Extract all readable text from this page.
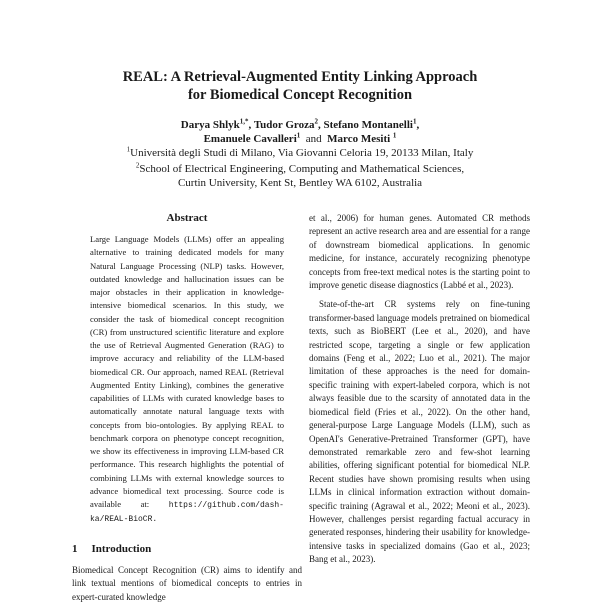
REAL: A Retrieval-Augmented Entity Linking Approach
for Biomedical Concept Recognition
Darya Shlyk$^{1,*}$, Tudor Groza$^2$, Stefano Montanelli$^1$,
Emanuele Cavalleri$^1$ and Marco Mesiti $^1$
$^1$Università degli Studi di Milano, Via Giovanni Celoria 19, 20133 Milan, Italy
$^2$School of Electrical Engineering, Computing and Mathematical Sciences,
Curtin University, Kent St, Bentley WA 6102, Australia
Abstract
Large Language Models (LLMs) offer an appealing alternative to training dedicated models for many Natural Language Processing (NLP) tasks. However, outdated knowledge and hallucination issues can be major obstacles in their application in knowledge-intensive biomedical scenarios. In this study, we consider the task of biomedical concept recognition (CR) from unstructured scientific literature and explore the use of Retrieval Augmented Generation (RAG) to improve accuracy and reliability of the LLM-based biomedical CR. Our approach, named REAL (Retrieval Augmented Entity Linking), combines the generative capabilities of LLMs with curated knowledge bases to automatically annotate natural language texts with concepts from bio-ontologies. By applying REAL to benchmark corpora on phenotype concept recognition, we show its effectiveness in improving LLM-based CR performance. This research highlights the potential of combining LLMs with external knowledge sources to advance biomedical text processing. Source code is available at: https://github.com/dash-ka/REAL-BioCR.
1 Introduction

Biomedical Concept Recognition (CR) aims to identify and link textual mentions of biomedical concepts to entries in expert-curated knowledge

et al., 2006) for human genes. Automated CR methods represent an active research area and are essential for a range of downstream biomedical applications. In genomic medicine, for instance, accurately recognizing phenotype concepts from free-text medical notes is the starting point to improve genetic disease diagnostics (Labbé et al., 2023).

State-of-the-art CR systems rely on fine-tuning transformer-based language models pretrained on biomedical texts, such as BioBERT (Lee et al., 2020), and have restricted scope, targeting a single or few application domains (Feng et al., 2022; Luo et al., 2021). The major limitation of these approaches is the need for domain-specific training with expert-labeled corpora, which is not always feasible due to the scarsity of annotated data in the biomedical field (Fries et al., 2022). On the other hand, general-purpose Large Language Models (LLM), such as OpenAI's Generative-Pretrained Transformer (GPT), have demonstrated remarkable zero and few-shot learning abilities, offering significant potential for biomedical NLP. Recent studies have shown promising results when using LLMs in clinical information extraction without domain-specific training (Agrawal et al., 2022; Meoni et al., 2023). However, challenges persist regarding factual accuracy in generated responses, hindering their usability for knowledge-intensive tasks in specialized domains (Gao et al., 2023; Bang et al., 2023).
